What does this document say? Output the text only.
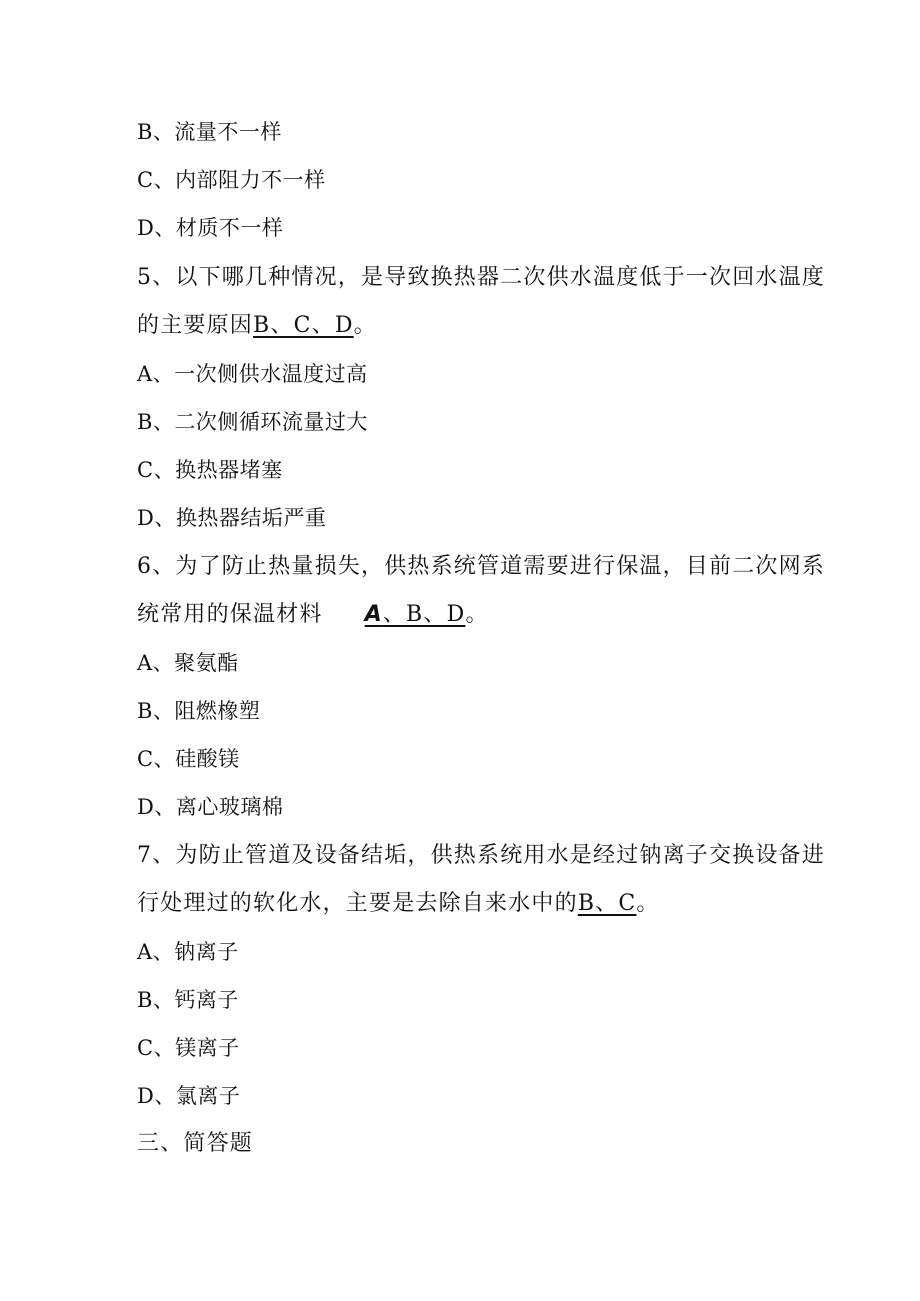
B、流量不一样
C、内部阻力不一样
D、材质不一样
5、以下哪几种情况，是导致换热器二次供水温度低于一次回水温度
的主要原因B、C、D。
A、一次侧供水温度过高
B、二次侧循环流量过大
C、换热器堵塞
D、换热器结垢严重
6、为了防止热量损失，供热系统管道需要进行保温，目前二次网系
统常用的保温材料 A、B、D。
A、聚氨酯
B、阻燃橡塑
C、硅酸镁
D、离心玻璃棉
7、为防止管道及设备结垢，供热系统用水是经过钠离子交换设备进
行处理过的软化水，主要是去除自来水中的B、C。
A、钠离子
B、钙离子
C、镁离子
D、氯离子
三、简答题
